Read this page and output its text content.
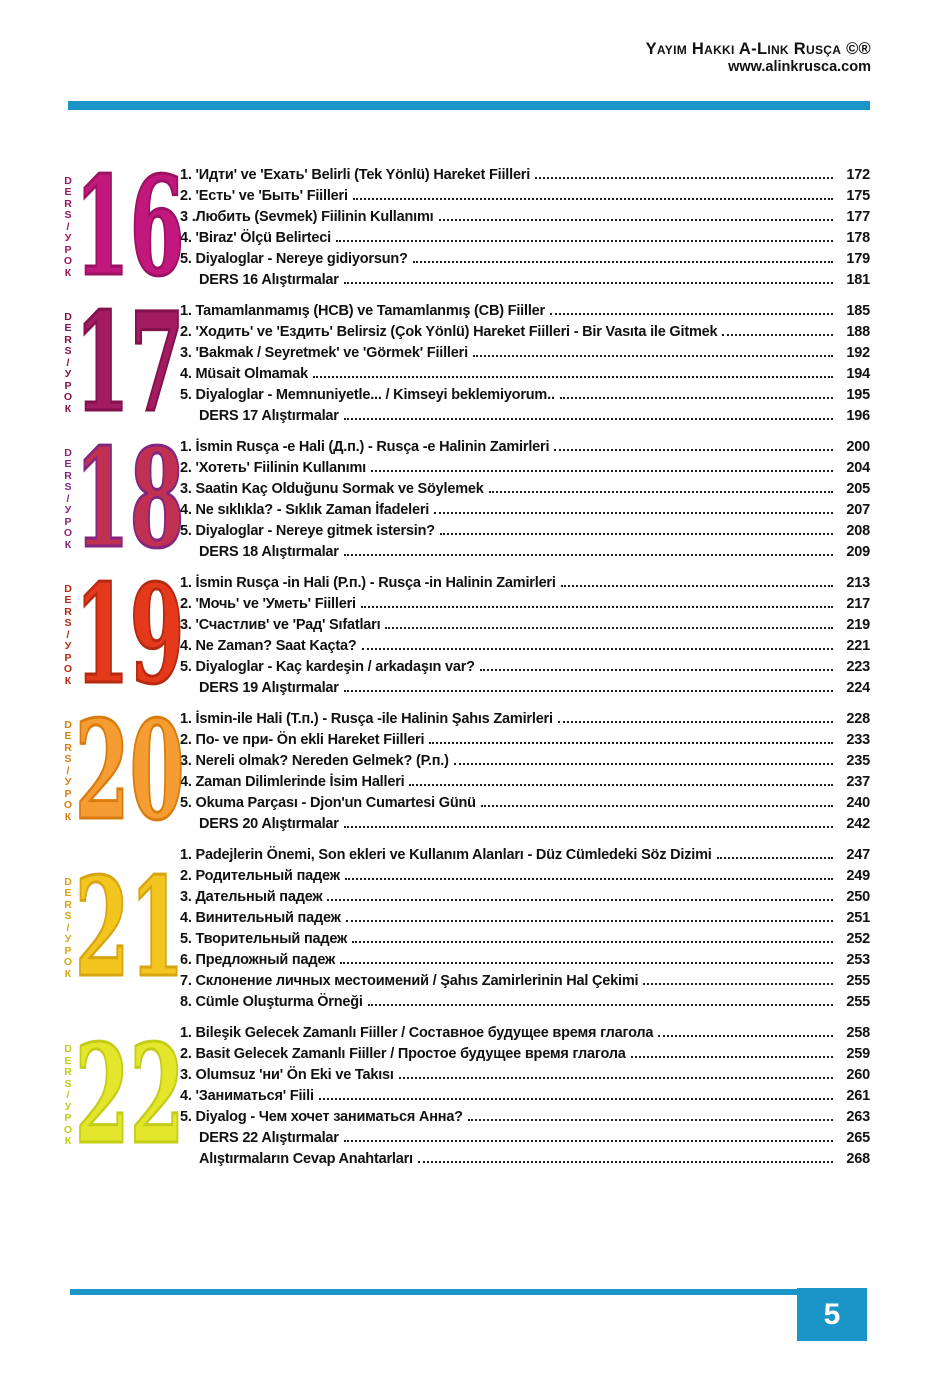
Yayım Hakkı A-Link Rusça ©®
www.alinkrusca.com
D
E
R
S
/
У
Р
О
К 16
1. 'Идти' ve 'Ехать' Belirli (Tek Yönlü) Hareket Fiilleri	172
2. 'Есть' ve 'Быть' Fiilleri	175
3 .Любить (Sevmek) Fiilinin Kullanımı	177
4. 'Biraz' Ölçü Belirteci	178
5. Diyaloglar - Nereye gidiyorsun?	179
DERS 16 Alıştırmalar	181
D
E
R
S
/
У
Р
О
К 17
1. Tamamlanmamış (HCB) ve Tamamlanmış (CB) Fiiller	185
2. 'Ходить' ve 'Ездить' Belirsiz (Çok Yönlü) Hareket Fiilleri - Bir Vasıta ile Gitmek	188
3. 'Bakmak / Seyretmek' ve 'Görmek' Fiilleri	192
4. Müsait Olmamak	194
5. Diyaloglar - Memnuniyetle... / Kimseyi beklemiyorum..	195
DERS 17 Alıştırmalar	196
D
E
R
S
/
У
Р
О
К 18
1. İsmin Rusça -e Hali (Д.п.) - Rusça -e Halinin Zamirleri	200
2. 'Хотеть' Fiilinin Kullanımı	204
3. Saatin Kaç Olduğunu Sormak ve Söylemek	205
4. Ne sıklıkla? - Sıklık Zaman İfadeleri	207
5. Diyaloglar - Nereye gitmek istersin?	208
DERS 18 Alıştırmalar	209
D
E
R
S
/
У
Р
О
К 19
1. İsmin Rusça -in Hali (Р.п.) - Rusça -in Halinin Zamirleri	213
2. 'Мочь' ve 'Уметь' Fiilleri	217
3. 'Счастлив' ve 'Рад' Sıfatları	219
4. Ne Zaman? Saat Kaçta?	221
5. Diyaloglar - Kaç kardeşin / arkadaşın var?	223
DERS 19 Alıştırmalar	224
D
E
R
S
/
У
Р
О
К 20
1. İsmin-ile Hali (Т.п.) - Rusça -ile Halinin Şahıs Zamirleri	228
2. По- ve при- Ön ekli Hareket Fiilleri	233
3. Nereli olmak? Nereden Gelmek? (Р.п.)	235
4. Zaman Dilimlerinde İsim Halleri	237
5. Okuma Parçası - Djon'un Cumartesi Günü	240
DERS 20 Alıştırmalar	242
D
E
R
S
/
У
Р
О
К 21
1. Padejlerin Önemi, Son ekleri ve Kullanım Alanları - Düz Cümledeki Söz Dizimi	247
2. Родительный падеж	249
3. Дательный падеж	250
4. Винительный падеж	251
5. Творительный падеж	252
6. Предложный падеж	253
7. Склонение личных местоимений / Şahıs Zamirlerinin Hal Çekimi	255
8. Cümle Oluşturma Örneği	255
D
E
R
S
/
У
Р
О
К 22
1. Bileşik Gelecek Zamanlı Fiiller / Составное будущее время глагола	258
2. Basit Gelecek Zamanlı Fiiller / Простое будущее время глагола	259
3. Olumsuz 'ни' Ön Eki ve Takısı	260
4. 'Заниматься' Fiili	261
5. Diyalog - Чем хочет заниматься Анна?	263
DERS 22 Alıştırmalar	265
Alıştırmaların Cevap Anahtarları	268
5
